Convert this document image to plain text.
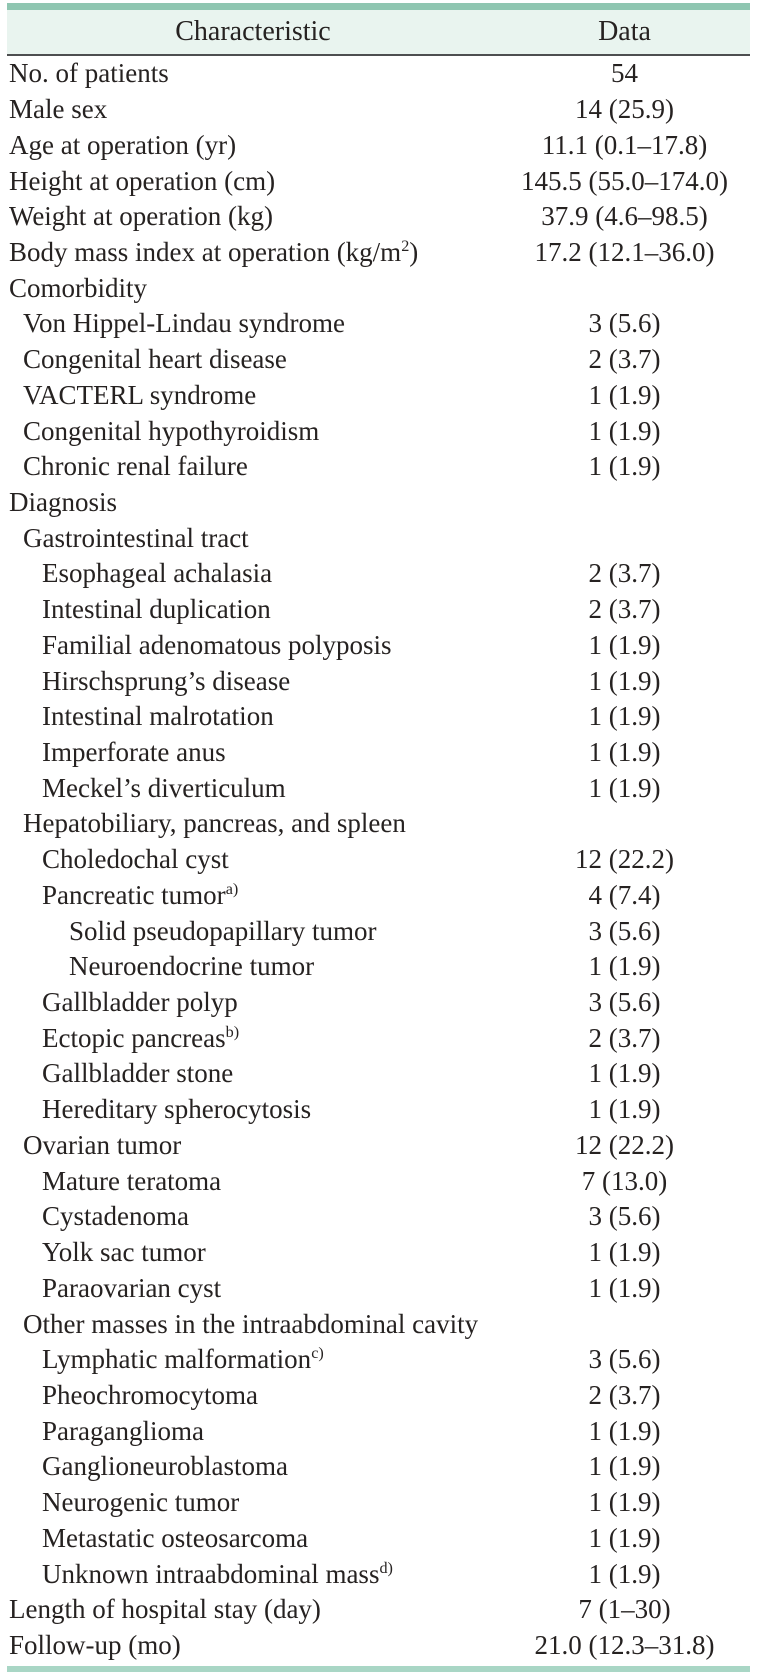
Characteristic	Data
No. of patients	54
Male sex	14 (25.9)
Age at operation (yr)	11.1 (0.1–17.8)
Height at operation (cm)	145.5 (55.0–174.0)
Weight at operation (kg)	37.9 (4.6–98.5)
Body mass index at operation $(kg/m^2)$	17.2 (12.1–36.0)
Comorbidity
Von Hippel-Lindau syndrome	3 (5.6)
Congenital heart disease	2 (3.7)
VACTERL syndrome	1 (1.9)
Congenital hypothyroidism	1 (1.9)
Chronic renal failure	1 (1.9)
Diagnosis
Gastrointestinal tract
Esophageal achalasia	2 (3.7)
Intestinal duplication	2 (3.7)
Familial adenomatous polyposis	1 (1.9)
Hirschsprung’s disease	1 (1.9)
Intestinal malrotation	1 (1.9)
Imperforate anus	1 (1.9)
Meckel’s diverticulum	1 (1.9)
Hepatobiliary, pancreas, and spleen
Choledochal cyst	12 (22.2)
Pancreatic tumor$^{a)}$	4 (7.4)
Solid pseudopapillary tumor	3 (5.6)
Neuroendocrine tumor	1 (1.9)
Gallbladder polyp	3 (5.6)
Ectopic pancreas$^{b)}$	2 (3.7)
Gallbladder stone	1 (1.9)
Hereditary spherocytosis	1 (1.9)
Ovarian tumor	12 (22.2)
Mature teratoma	7 (13.0)
Cystadenoma	3 (5.6)
Yolk sac tumor	1 (1.9)
Paraovarian cyst	1 (1.9)
Other masses in the intraabdominal cavity
Lymphatic malformation$^{c)}$	3 (5.6)
Pheochromocytoma	2 (3.7)
Paraganglioma	1 (1.9)
Ganglioneuroblastoma	1 (1.9)
Neurogenic tumor	1 (1.9)
Metastatic osteosarcoma	1 (1.9)
Unknown intraabdominal mass$^{d)}$	1 (1.9)
Length of hospital stay (day)	7 (1–30)
Follow-up (mo)	21.0 (12.3–31.8)
